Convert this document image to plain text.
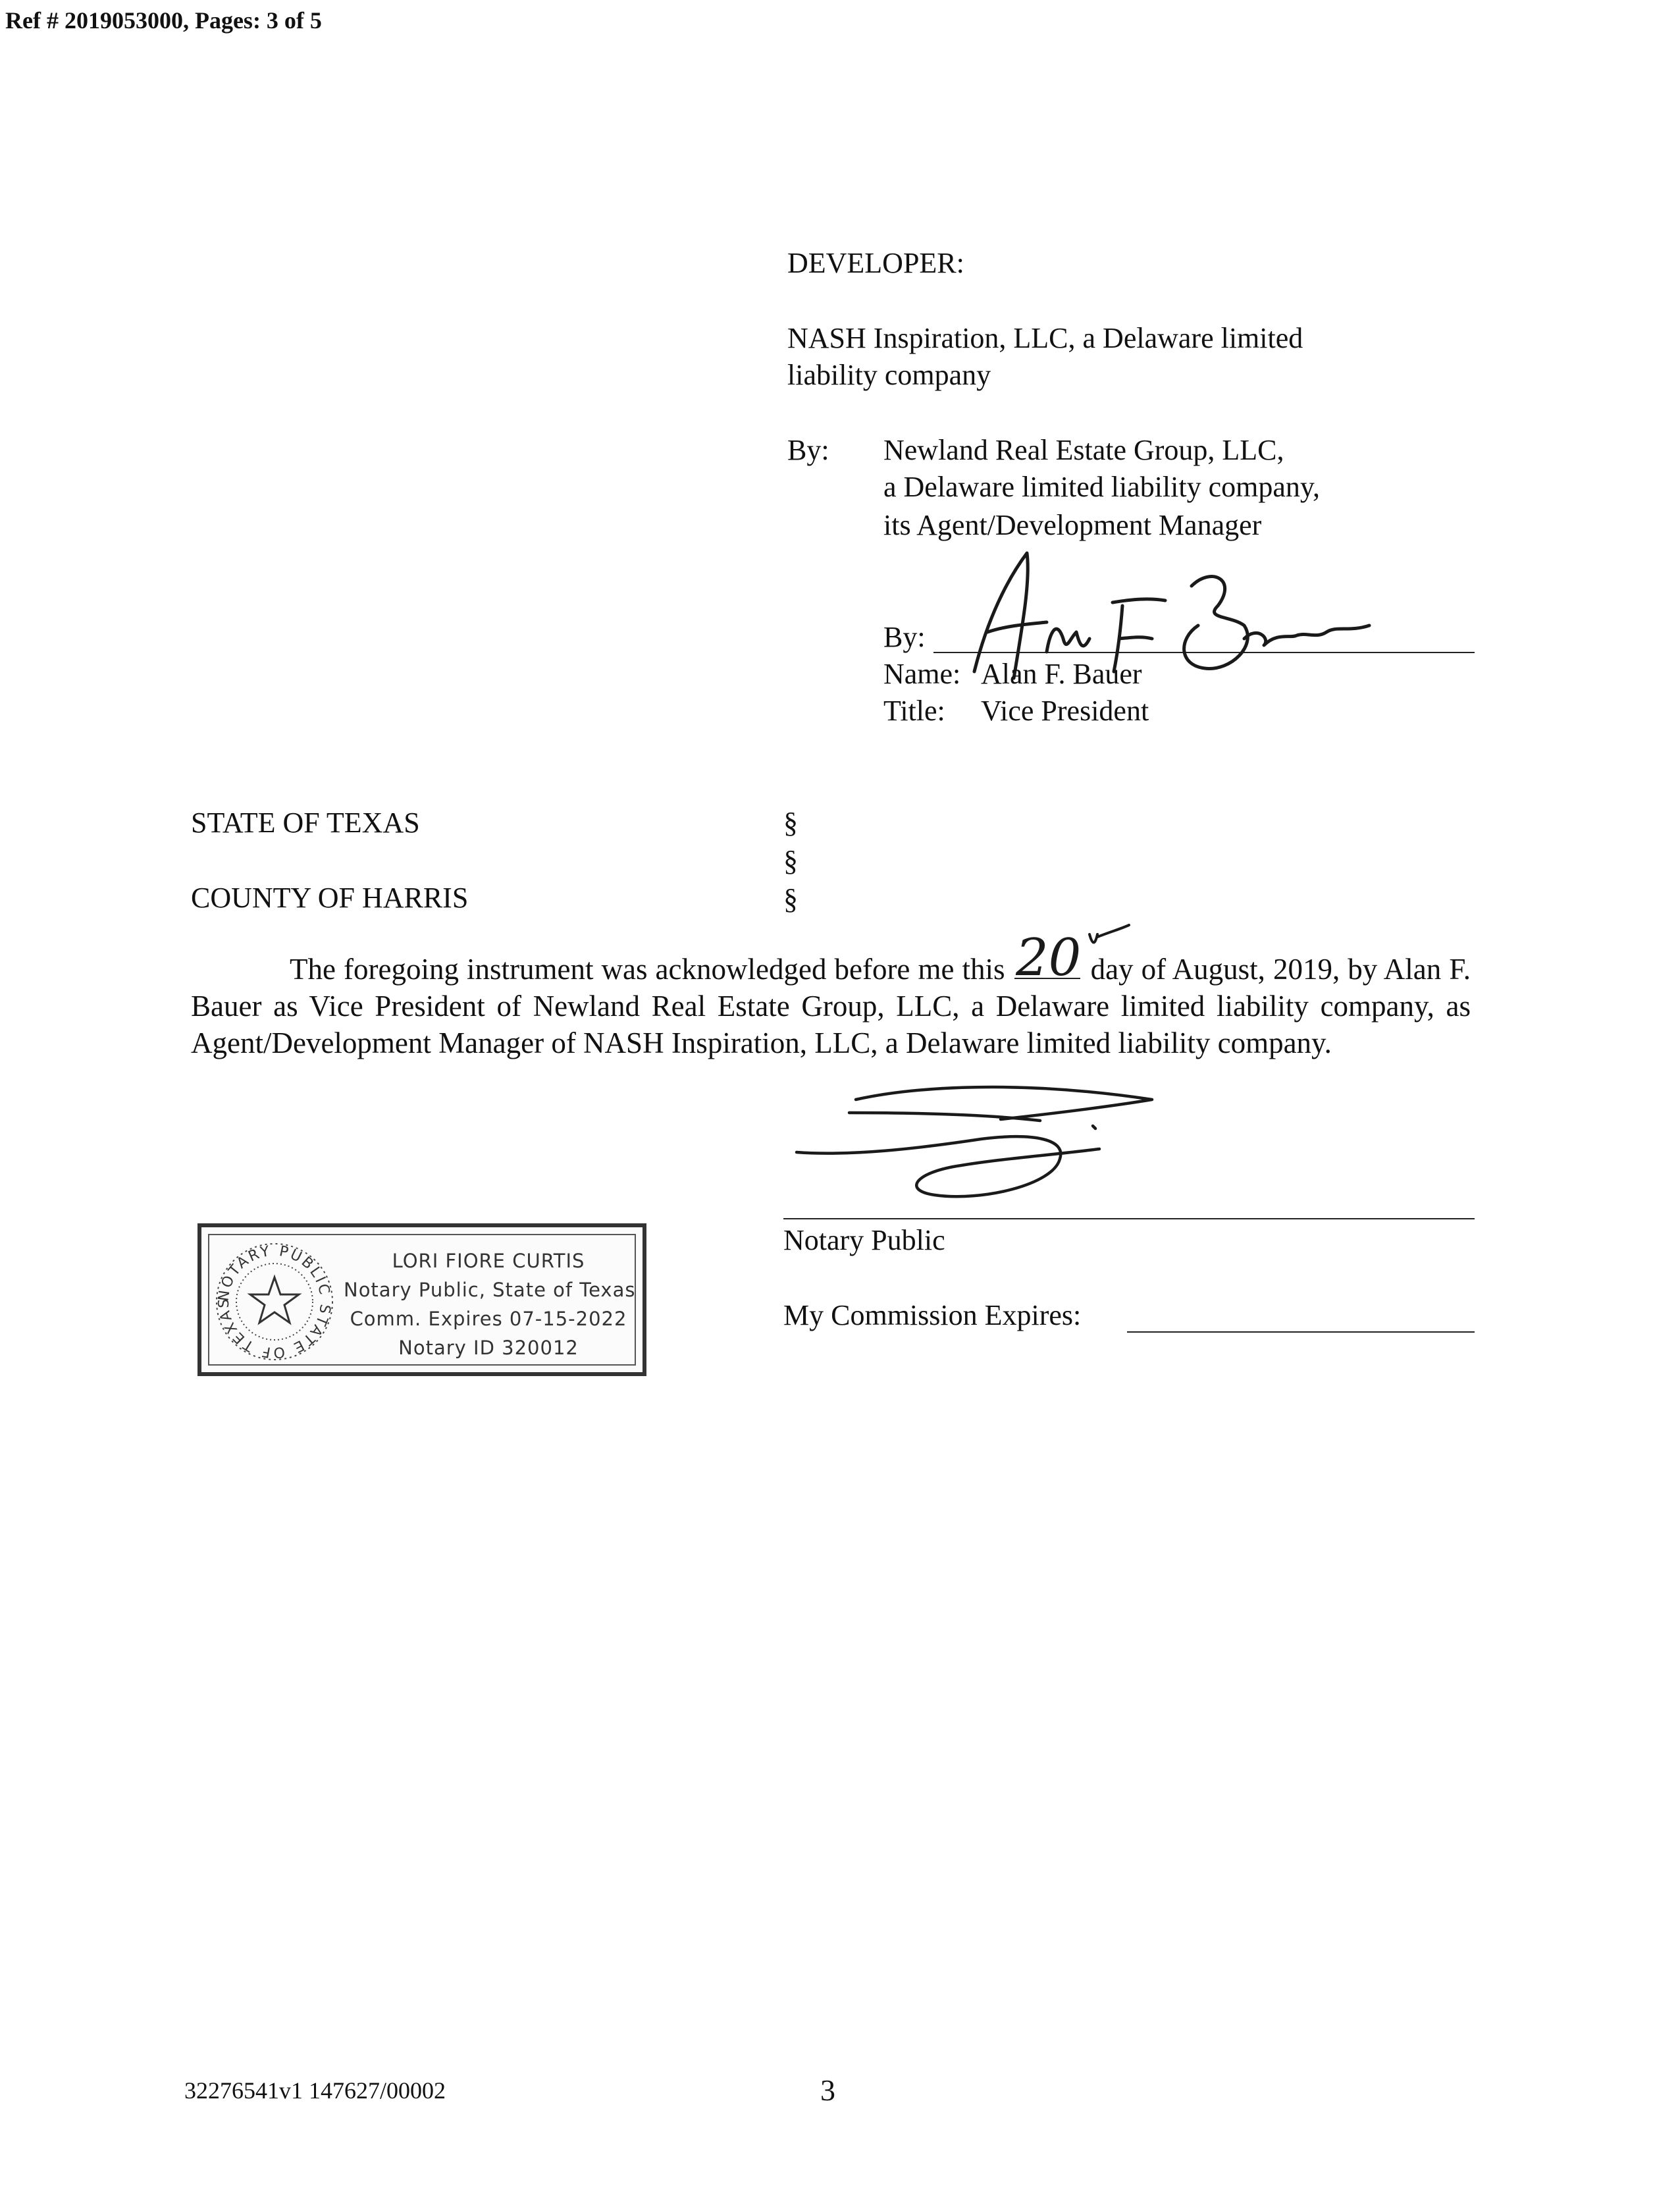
Ref # 2019053000, Pages: 3 of 5
DEVELOPER:
NASH Inspiration, LLC, a Delaware limited
liability company
By: Newland Real Estate Group, LLC,
a Delaware limited liability company,
its Agent/Development Manager
By:
Name: Alan F. Bauer
Title: Vice President
STATE OF TEXAS
COUNTY OF HARRIS
§
§
§
The foregoing instrument was acknowledged before me this 20 day of August, 2019, by Alan F. Bauer as Vice President of Newland Real Estate Group, LLC, a Delaware limited liability company, as Agent/Development Manager of NASH Inspiration, LLC, a Delaware limited liability company.
Notary Public
My Commission Expires:
NOTARY PUBLIC STATE OF TEXAS
LORI FIORE CURTIS
Notary Public, State of Texas
Comm. Expires 07-15-2022
Notary ID 320012
32276541v1 147627/00002	3
